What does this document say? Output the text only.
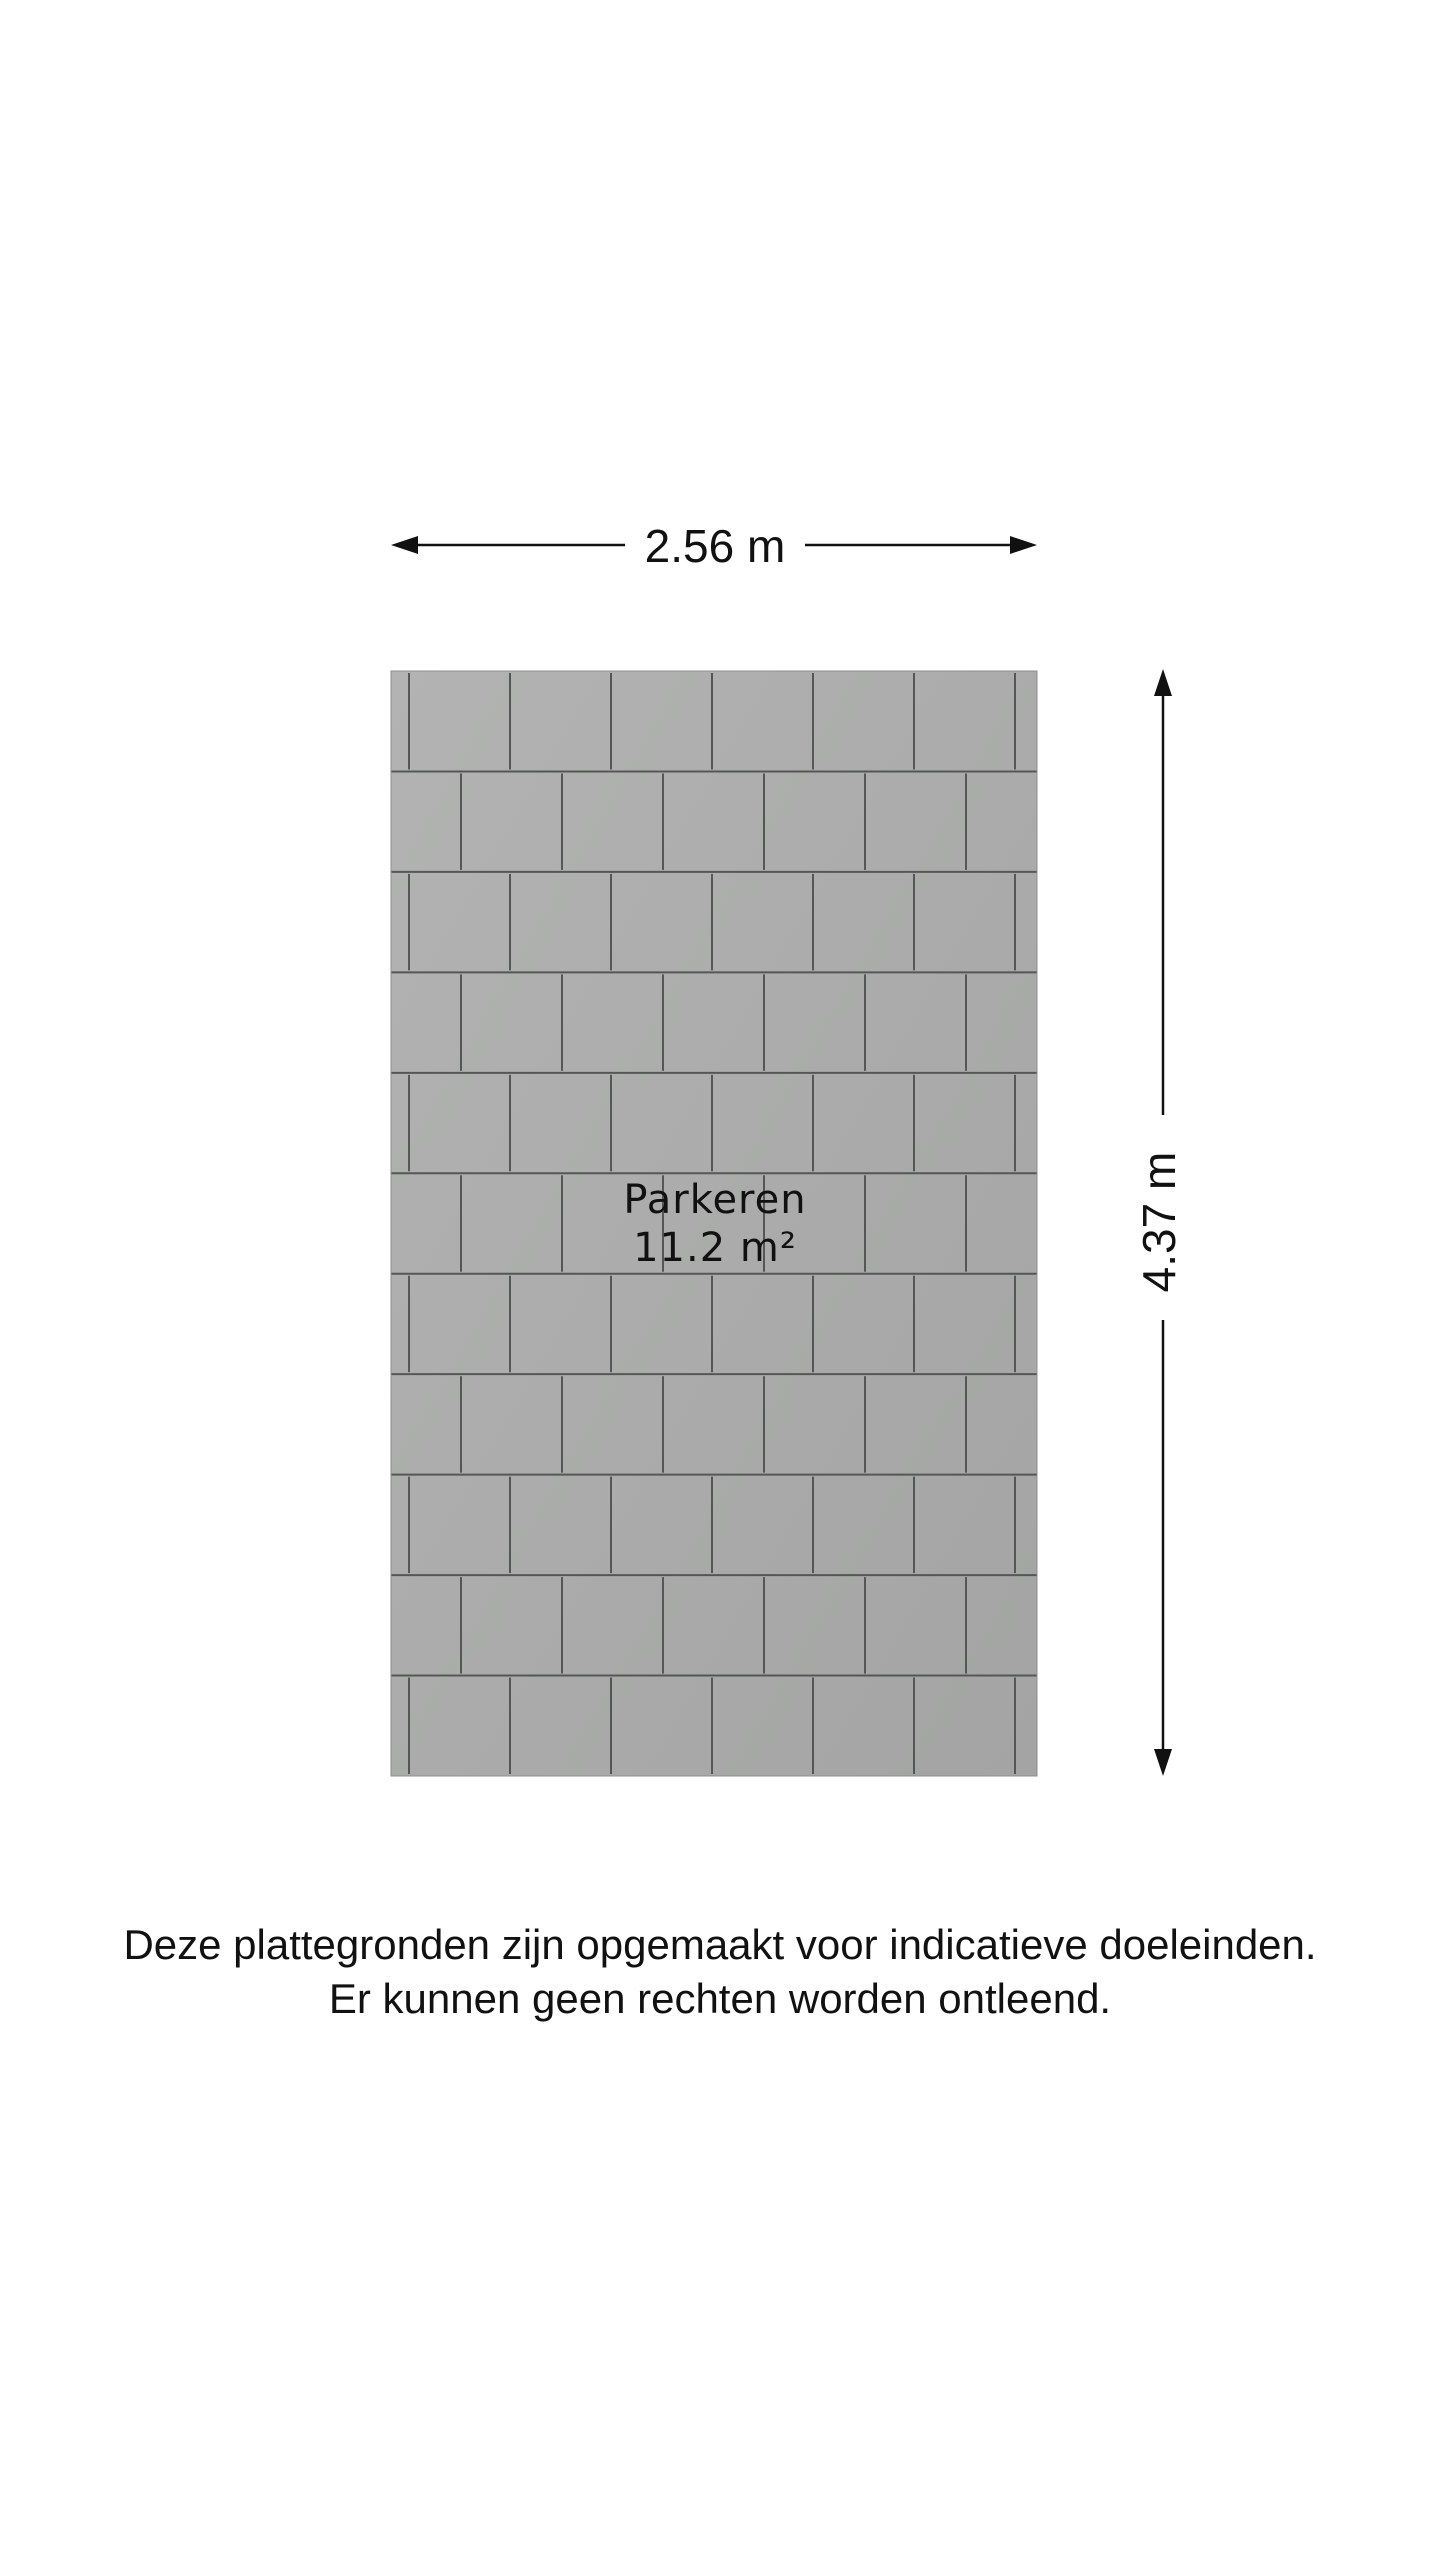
2.56 m
4.37 m
Parkeren
11.2 m²
Deze plattegronden zijn opgemaakt voor indicatieve doeleinden.
Er kunnen geen rechten worden ontleend.
